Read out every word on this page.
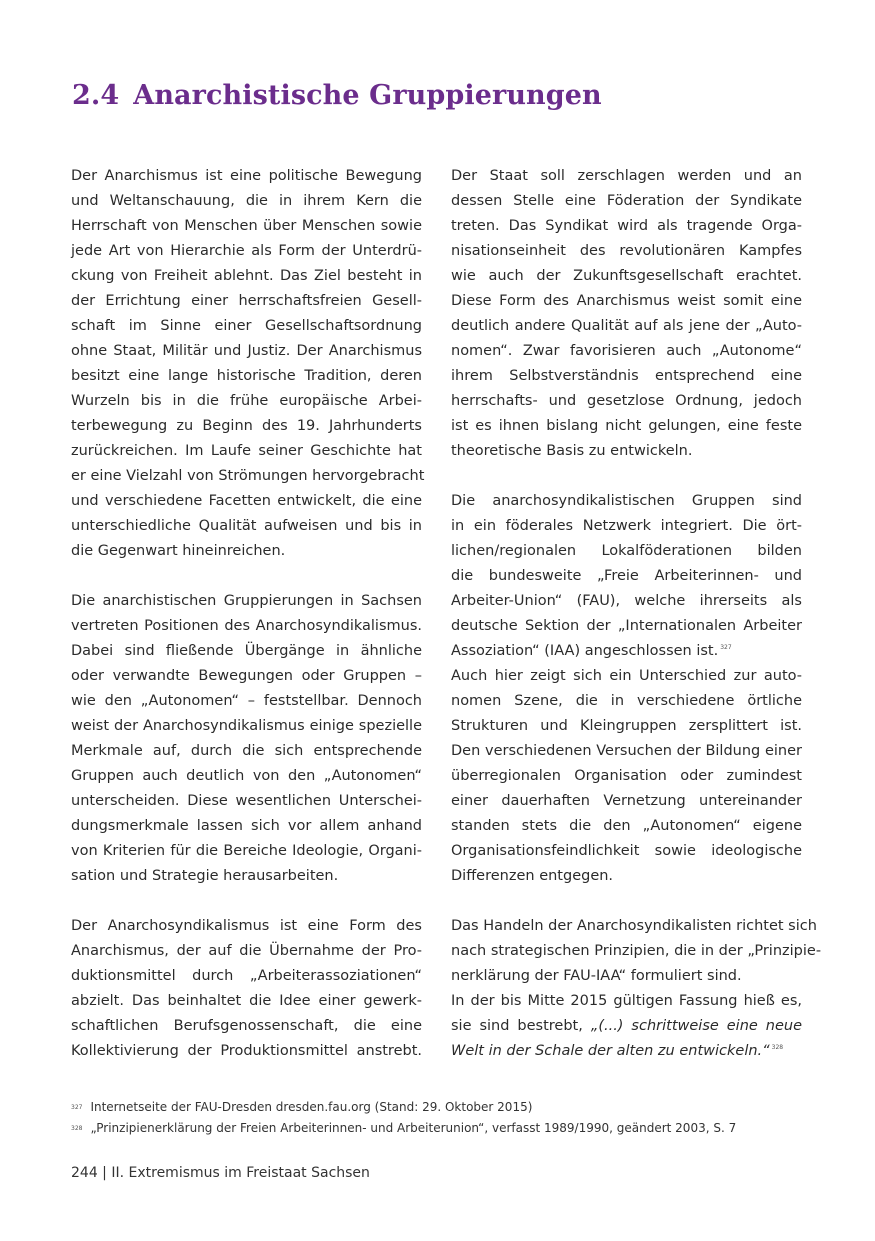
2.4 Anarchistische Gruppierungen

Der Anarchismus ist eine politische Bewegung
und Weltanschauung, die in ihrem Kern die
Herrschaft von Menschen über Menschen sowie
jede Art von Hierarchie als Form der Unterdrü-
ckung von Freiheit ablehnt. Das Ziel besteht in
der Errichtung einer herrschaftsfreien Gesell-
schaft im Sinne einer Gesellschaftsordnung
ohne Staat, Militär und Justiz. Der Anarchismus
besitzt eine lange historische Tradition, deren
Wurzeln bis in die frühe europäische Arbei-
terbewegung zu Beginn des 19. Jahrhunderts
zurückreichen. Im Laufe seiner Geschichte hat
er eine Vielzahl von Strömungen hervorgebracht
und verschiedene Facetten entwickelt, die eine
unterschiedliche Qualität aufweisen und bis in
die Gegenwart hineinreichen.

Die anarchistischen Gruppierungen in Sachsen
vertreten Positionen des Anarchosyndikalismus.
Dabei sind fließende Übergänge in ähnliche
oder verwandte Bewegungen oder Gruppen –
wie den „Autonomen“ – feststellbar. Dennoch
weist der Anarchosyndikalismus einige spezielle
Merkmale auf, durch die sich entsprechende
Gruppen auch deutlich von den „Autonomen“
unterscheiden. Diese wesentlichen Unterschei-
dungsmerkmale lassen sich vor allem anhand
von Kriterien für die Bereiche Ideologie, Organi-
sation und Strategie herausarbeiten.

Der Anarchosyndikalismus ist eine Form des
Anarchismus, der auf die Übernahme der Pro-
duktionsmittel durch „Arbeiterassoziationen“
abzielt. Das beinhaltet die Idee einer gewerk-
schaftlichen Berufsgenossenschaft, die eine
Kollektivierung der Produktionsmittel anstrebt.

Der Staat soll zerschlagen werden und an
dessen Stelle eine Föderation der Syndikate
treten. Das Syndikat wird als tragende Orga-
nisationseinheit des revolutionären Kampfes
wie auch der Zukunftsgesellschaft erachtet.
Diese Form des Anarchismus weist somit eine
deutlich andere Qualität auf als jene der „Auto-
nomen“. Zwar favorisieren auch „Autonome“
ihrem Selbstverständnis entsprechend eine
herrschafts- und gesetzlose Ordnung, jedoch
ist es ihnen bislang nicht gelungen, eine feste
theoretische Basis zu entwickeln.

Die anarchosyndikalistischen Gruppen sind
in ein föderales Netzwerk integriert. Die ört-
lichen/regionalen Lokalföderationen bilden
die bundesweite „Freie Arbeiterinnen- und
Arbeiter-Union“ (FAU), welche ihrerseits als
deutsche Sektion der „Internationalen Arbeiter
Assoziation“ (IAA) angeschlossen ist. $^{327}$

Auch hier zeigt sich ein Unterschied zur auto-
nomen Szene, die in verschiedene örtliche
Strukturen und Kleingruppen zersplittert ist.
Den verschiedenen Versuchen der Bildung einer
überregionalen Organisation oder zumindest
einer dauerhaften Vernetzung untereinander
standen stets die den „Autonomen“ eigene
Organisationsfeindlichkeit sowie ideologische
Differenzen entgegen.

Das Handeln der Anarchosyndikalisten richtet sich
nach strategischen Prinzipien, die in der „Prinzipie-
nerklärung der FAU-IAA“ formuliert sind.

In der bis Mitte 2015 gültigen Fassung hieß es,
sie sind bestrebt, „(...) schrittweise eine neue
Welt in der Schale der alten zu entwickeln.“ $^{328}$

$^{327}$ Internetseite der FAU-Dresden dresden.fau.org (Stand: 29. Oktober 2015)
$^{328}$ „Prinzipienerklärung der Freien Arbeiterinnen- und Arbeiterunion“, verfasst 1989/1990, geändert 2003, S. 7
244 | II. Extremismus im Freistaat Sachsen
